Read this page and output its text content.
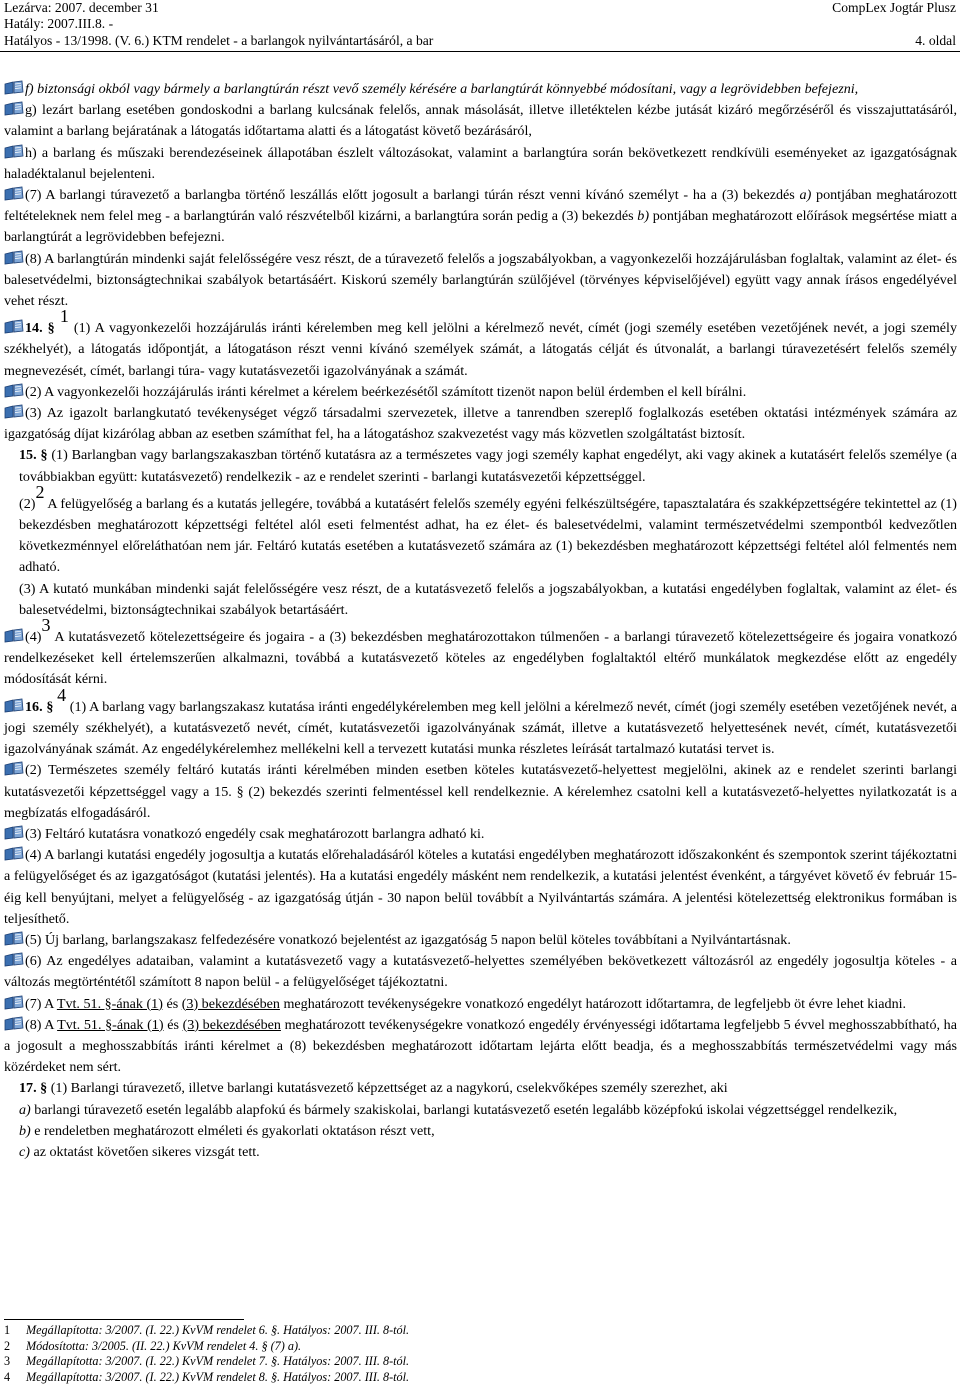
Lezárva: 2007. december 31	CompLex Jogtár Plusz
Hatály: 2007.III.8. -
Hatályos - 13/1998. (V. 6.) KTM rendelet - a barlangok nyilvántartásáról, a bar	4. oldal

f) biztonsági okból vagy bármely a barlangtúrán részt vevő személy kérésére a barlangtúrát könnyebbé módosítani, vagy a legrövidebben befejezni,

g) lezárt barlang esetében gondoskodni a barlang kulcsának felelős, annak másolását, illetve illetéktelen kézbe jutását kizáró megőrzéséről és visszajuttatásáról, valamint a barlang bejáratának a látogatás időtartama alatti és a látogatást követő bezárásáról,

h) a barlang és műszaki berendezéseinek állapotában észlelt változásokat, valamint a barlangtúra során bekövetkezett rendkívüli eseményeket az igazgatóságnak haladéktalanul bejelenteni.

(7) A barlangi túravezető a barlangba történő leszállás előtt jogosult a barlangi túrán részt venni kívánó személyt - ha a (3) bekezdés a) pontjában meghatározott feltételeknek nem felel meg - a barlangtúrán való részvételből kizárni, a barlangtúra során pedig a (3) bekezdés b) pontjában meghatározott előírások megsértése miatt a barlangtúrát a legrövidebben befejezni.

(8) A barlangtúrán mindenki saját felelősségére vesz részt, de a túravezető felelős a jogszabályokban, a vagyonkezelői hozzájárulásban foglaltak, valamint az élet- és balesetvédelmi, biztonságtechnikai szabályok betartásáért. Kiskorú személy barlangtúrán szülőjével (törvényes képviselőjével) együtt vagy annak írásos engedélyével vehet részt.

14. § $^1$ (1) A vagyonkezelői hozzájárulás iránti kérelemben meg kell jelölni a kérelmező nevét, címét (jogi személy esetében vezetőjének nevét, a jogi személy székhelyét), a látogatás időpontját, a látogatáson részt venni kívánó személyek számát, a látogatás célját és útvonalát, a barlangi túravezetésért felelős személy megnevezését, címét, barlangi túra- vagy kutatásvezetői igazolványának a számát.

(2) A vagyonkezelői hozzájárulás iránti kérelmet a kérelem beérkezésétől számított tizenöt napon belül érdemben el kell bírálni.

(3) Az igazolt barlangkutató tevékenységet végző társadalmi szervezetek, illetve a tanrendben szereplő foglalkozás esetében oktatási intézmények számára az igazgatóság díjat kizárólag abban az esetben számíthat fel, ha a látogatáshoz szakvezetést vagy más közvetlen szolgáltatást biztosít.

15. § (1) Barlangban vagy barlangszakaszban történő kutatásra az a természetes vagy jogi személy kaphat engedélyt, aki vagy akinek a kutatásért felelős személye (a továbbiakban együtt: kutatásvezető) rendelkezik - az e rendelet szerinti - barlangi kutatásvezetői képzettséggel.

$(2)^2$ A felügyelőség a barlang és a kutatás jellegére, továbbá a kutatásért felelős személy egyéni felkészültségére, tapasztalatára és szakképzettségére tekintettel az (1) bekezdésben meghatározott képzettségi feltétel alól eseti felmentést adhat, ha ez élet- és balesetvédelmi, valamint természetvédelmi szempontból kedvezőtlen következménnyel előreláthatóan nem jár. Feltáró kutatás esetében a kutatásvezető számára az (1) bekezdésben meghatározott képzettségi feltétel alól felmentés nem adható.

(3) A kutató munkában mindenki saját felelősségére vesz részt, de a kutatásvezető felelős a jogszabályokban, a kutatási engedélyben foglaltak, valamint az élet- és balesetvédelmi, biztonságtechnikai szabályok betartásáért.

$(4)^3$ A kutatásvezető kötelezettségeire és jogaira - a (3) bekezdésben meghatározottakon túlmenően - a barlangi túravezető kötelezettségeire és jogaira vonatkozó rendelkezéseket kell értelemszerűen alkalmazni, továbbá a kutatásvezető köteles az engedélyben foglaltaktól eltérő munkálatok megkezdése előtt az engedély módosítását kérni.

16. § $^4$ (1) A barlang vagy barlangszakasz kutatása iránti engedélykérelemben meg kell jelölni a kérelmező nevét, címét (jogi személy esetében vezetőjének nevét, a jogi személy székhelyét), a kutatásvezető nevét, címét, kutatásvezetői igazolványának számát, illetve a kutatásvezető helyettesének nevét, címét, kutatásvezetői igazolványának számát. Az engedélykérelemhez mellékelni kell a tervezett kutatási munka részletes leírását tartalmazó kutatási tervet is.

(2) Természetes személy feltáró kutatás iránti kérelmében minden esetben köteles kutatásvezető-helyettest megjelölni, akinek az e rendelet szerinti barlangi kutatásvezetői képzettséggel vagy a 15. § (2) bekezdés szerinti felmentéssel kell rendelkeznie. A kérelemhez csatolni kell a kutatásvezető-helyettes nyilatkozatát is a megbízatás elfogadásáról.

(3) Feltáró kutatásra vonatkozó engedély csak meghatározott barlangra adható ki.

(4) A barlangi kutatási engedély jogosultja a kutatás előrehaladásáról köteles a kutatási engedélyben meghatározott időszakonként és szempontok szerint tájékoztatni a felügyelőséget és az igazgatóságot (kutatási jelentés). Ha a kutatási engedély másként nem rendelkezik, a kutatási jelentést évenként, a tárgyévet követő év február 15-éig kell benyújtani, melyet a felügyelőség - az igazgatóság útján - 30 napon belül továbbít a Nyilvántartás számára. A jelentési kötelezettség elektronikus formában is teljesíthető.

(5) Új barlang, barlangszakasz felfedezésére vonatkozó bejelentést az igazgatóság 5 napon belül köteles továbbítani a Nyilvántartásnak.

(6) Az engedélyes adataiban, valamint a kutatásvezető vagy a kutatásvezető-helyettes személyében bekövetkezett változásról az engedély jogosultja köteles - a változás megtörténtétől számított 8 napon belül - a felügyelőséget tájékoztatni.

(7) A Tvt. 51. §-ának (1) és (3) bekezdésében meghatározott tevékenységekre vonatkozó engedélyt határozott időtartamra, de legfeljebb öt évre lehet kiadni.

(8) A Tvt. 51. §-ának (1) és (3) bekezdésében meghatározott tevékenységekre vonatkozó engedély érvényességi időtartama legfeljebb 5 évvel meghosszabbítható, ha a jogosult a meghosszabbítás iránti kérelmet a (8) bekezdésben meghatározott időtartam lejárta előtt beadja, és a meghosszabbítás természetvédelmi vagy más közérdeket nem sért.

17. § (1) Barlangi túravezető, illetve barlangi kutatásvezető képzettséget az a nagykorú, cselekvőképes személy szerezhet, aki

a) barlangi túravezető esetén legalább alapfokú és bármely szakiskolai, barlangi kutatásvezető esetén legalább középfokú iskolai végzettséggel rendelkezik,

b) e rendeletben meghatározott elméleti és gyakorlati oktatáson részt vett,

c) az oktatást követően sikeres vizsgát tett.

1 Megállapította: 3/2007. (I. 22.) KvVM rendelet 6. §. Hatályos: 2007. III. 8-tól.
2 Módosította: 3/2005. (II. 22.) KvVM rendelet 4. § (7) a).
3 Megállapította: 3/2007. (I. 22.) KvVM rendelet 7. §. Hatályos: 2007. III. 8-tól.
4 Megállapította: 3/2007. (I. 22.) KvVM rendelet 8. §. Hatályos: 2007. III. 8-tól.
